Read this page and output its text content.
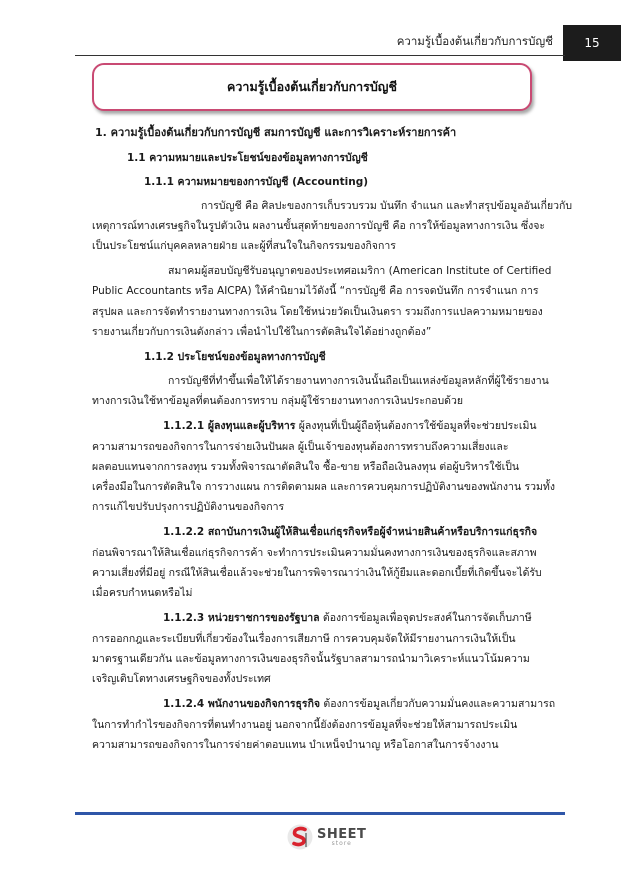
ความรู้เบื้องต้นเกี่ยวกับการบัญชี	15
ความรู้เบื้องต้นเกี่ยวกับการบัญชี
1. ความรู้เบื้องต้นเกี่ยวกับการบัญชี สมการบัญชี และการวิเคราะห์รายการค้า
1.1 ความหมายและประโยชน์ของข้อมูลทางการบัญชี
1.1.1 ความหมายของการบัญชี (Accounting)
การบัญชี คือ ศิลปะของการเก็บรวบรวม บันทึก จำแนก และทำสรุปข้อมูลอันเกี่ยวกับ
เหตุการณ์ทางเศรษฐกิจในรูปตัวเงิน ผลงานขั้นสุดท้ายของการบัญชี คือ การให้ข้อมูลทางการเงิน ซึ่งจะ
เป็นประโยชน์แก่บุคคลหลายฝ่าย และผู้ที่สนใจในกิจกรรมของกิจการ
สมาคมผู้สอบบัญชีรับอนุญาตของประเทศอเมริกา (American Institute of Certified
Public Accountants หรือ AICPA) ให้คำนิยามไว้ดังนี้ “การบัญชี คือ การจดบันทึก การจำแนก การ
สรุปผล และการจัดทำรายงานทางการเงิน โดยใช้หน่วยวัดเป็นเงินตรา รวมถึงการแปลความหมายของ
รายงานเกี่ยวกับการเงินดังกล่าว เพื่อนำไปใช้ในการตัดสินใจได้อย่างถูกต้อง”
1.1.2 ประโยชน์ของข้อมูลทางการบัญชี
การบัญชีที่ทำขึ้นเพื่อให้ได้รายงานทางการเงินนั้นถือเป็นแหล่งข้อมูลหลักที่ผู้ใช้รายงาน
ทางการเงินใช้หาข้อมูลที่ตนต้องการทราบ กลุ่มผู้ใช้รายงานทางการเงินประกอบด้วย
1.1.2.1 ผู้ลงทุนและผู้บริหาร ผู้ลงทุนที่เป็นผู้ถือหุ้นต้องการใช้ข้อมูลที่จะช่วยประเมิน
ความสามารถของกิจการในการจ่ายเงินปันผล ผู้เป็นเจ้าของทุนต้องการทราบถึงความเสี่ยงและ
ผลตอบแทนจากการลงทุน รวมทั้งพิจารณาตัดสินใจ ซื้อ-ขาย หรือถือเงินลงทุน ต่อผู้บริหารใช้เป็น
เครื่องมือในการตัดสินใจ การวางแผน การติดตามผล และการควบคุมการปฏิบัติงานของพนักงาน รวมทั้ง
การแก้ไขปรับปรุงการปฏิบัติงานของกิจการ
1.1.2.2 สถาบันการเงินผู้ให้สินเชื่อแก่ธุรกิจหรือผู้จำหน่ายสินค้าหรือบริการแก่ธุรกิจ
ก่อนพิจารณาให้สินเชื่อแก่ธุรกิจการค้า จะทำการประเมินความมั่นคงทางการเงินของธุรกิจและสภาพ
ความเสี่ยงที่มีอยู่ กรณีให้สินเชื่อแล้วจะช่วยในการพิจารณาว่าเงินให้กู้ยืมและดอกเบี้ยที่เกิดขึ้นจะได้รับ
เมื่อครบกำหนดหรือไม่
1.1.2.3 หน่วยราชการของรัฐบาล ต้องการข้อมูลเพื่อจุดประสงค์ในการจัดเก็บภาษี
การออกกฎและระเบียบที่เกี่ยวข้องในเรื่องการเสียภาษี การควบคุมจัดให้มีรายงานการเงินให้เป็น
มาตรฐานเดียวกัน และข้อมูลทางการเงินของธุรกิจนั้นรัฐบาลสามารถนำมาวิเคราะห์แนวโน้มความ
เจริญเติบโตทางเศรษฐกิจของทั้งประเทศ
1.1.2.4 พนักงานของกิจการธุรกิจ ต้องการข้อมูลเกี่ยวกับความมั่นคงและความสามารถ
ในการทำกำไรของกิจการที่ตนทำงานอยู่ นอกจากนี้ยังต้องการข้อมูลที่จะช่วยให้สามารถประเมิน
ความสามารถของกิจการในการจ่ายค่าตอบแทน บำเหน็จบำนาญ หรือโอกาสในการจ้างงาน
SHEET
store
